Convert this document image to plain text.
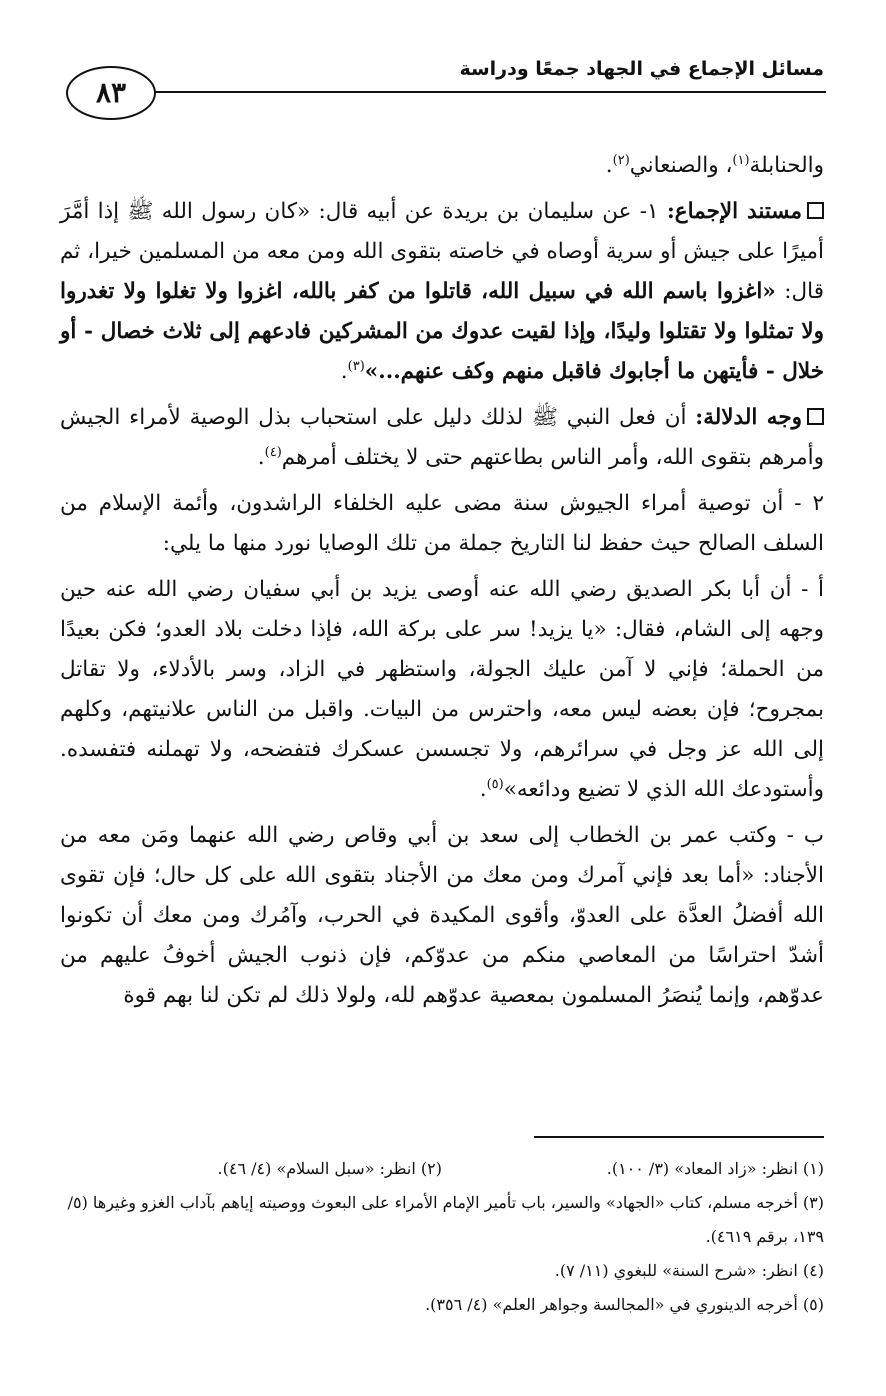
مسائل الإجماع في الجهاد جمعًا ودراسة
٨٣

والحنابلة$^{(١)}$، والصنعاني$^{(٢)}$.

مستند الإجماع: ١- عن سليمان بن بريدة عن أبيه قال: «كان رسول الله ﷺ إذا أمَّرَ أميرًا على جيش أو سرية أوصاه في خاصته بتقوى الله ومن معه من المسلمين خيرا، ثم قال: «اغزوا باسم الله في سبيل الله، قاتلوا من كفر بالله، اغزوا ولا تغلوا ولا تغدروا ولا تمثلوا ولا تقتلوا وليدًا، وإذا لقيت عدوك من المشركين فادعهم إلى ثلاث خصال - أو خلال - فأيتهن ما أجابوك فاقبل منهم وكف عنهم...»$^{(٣)}$.

وجه الدلالة: أن فعل النبي ﷺ لذلك دليل على استحباب بذل الوصية لأمراء الجيش وأمرهم بتقوى الله، وأمر الناس بطاعتهم حتى لا يختلف أمرهم$^{(٤)}$.

٢ - أن توصية أمراء الجيوش سنة مضى عليه الخلفاء الراشدون، وأئمة الإسلام من السلف الصالح حيث حفظ لنا التاريخ جملة من تلك الوصايا نورد منها ما يلي:

أ - أن أبا بكر الصديق رضي الله عنه أوصى يزيد بن أبي سفيان رضي الله عنه حين وجهه إلى الشام، فقال: «يا يزيد! سر على بركة الله، فإذا دخلت بلاد العدو؛ فكن بعيدًا من الحملة؛ فإني لا آمن عليك الجولة، واستظهر في الزاد، وسر بالأدلاء، ولا تقاتل بمجروح؛ فإن بعضه ليس معه، واحترس من البيات. واقبل من الناس علانيتهم، وكلهم إلى الله عز وجل في سرائرهم، ولا تجسسن عسكرك فتفضحه، ولا تهملنه فتفسده. وأستودعك الله الذي لا تضيع ودائعه»$^{(٥)}$.

ب - وكتب عمر بن الخطاب إلى سعد بن أبي وقاص رضي الله عنهما ومَن معه من الأجناد: «أما بعد فإني آمرك ومن معك من الأجناد بتقوى الله على كل حال؛ فإن تقوى الله أفضلُ العدَّة على العدوّ، وأقوى المكيدة في الحرب، وآمُرك ومن معك أن تكونوا أشدّ احتراسًا من المعاصي منكم من عدوّكم، فإن ذنوب الجيش أخوفُ عليهم من عدوّهم، وإنما يُنصَرُ المسلمون بمعصية عدوّهم لله، ولولا ذلك لم تكن لنا بهم قوة

(١) انظر: «زاد المعاد» (٣/ ١٠٠).
(٢) انظر: «سبل السلام» (٤/ ٤٦).

(٣) أخرجه مسلم، كتاب «الجهاد» والسير، باب تأمير الإمام الأمراء على البعوث ووصيته إياهم بآداب الغزو وغيرها (٥/ ١٣٩، برقم ٤٦١٩).

(٤) انظر: «شرح السنة» للبغوي (١١/ ٧).

(٥) أخرجه الدينوري في «المجالسة وجواهر العلم» (٤/ ٣٥٦).
